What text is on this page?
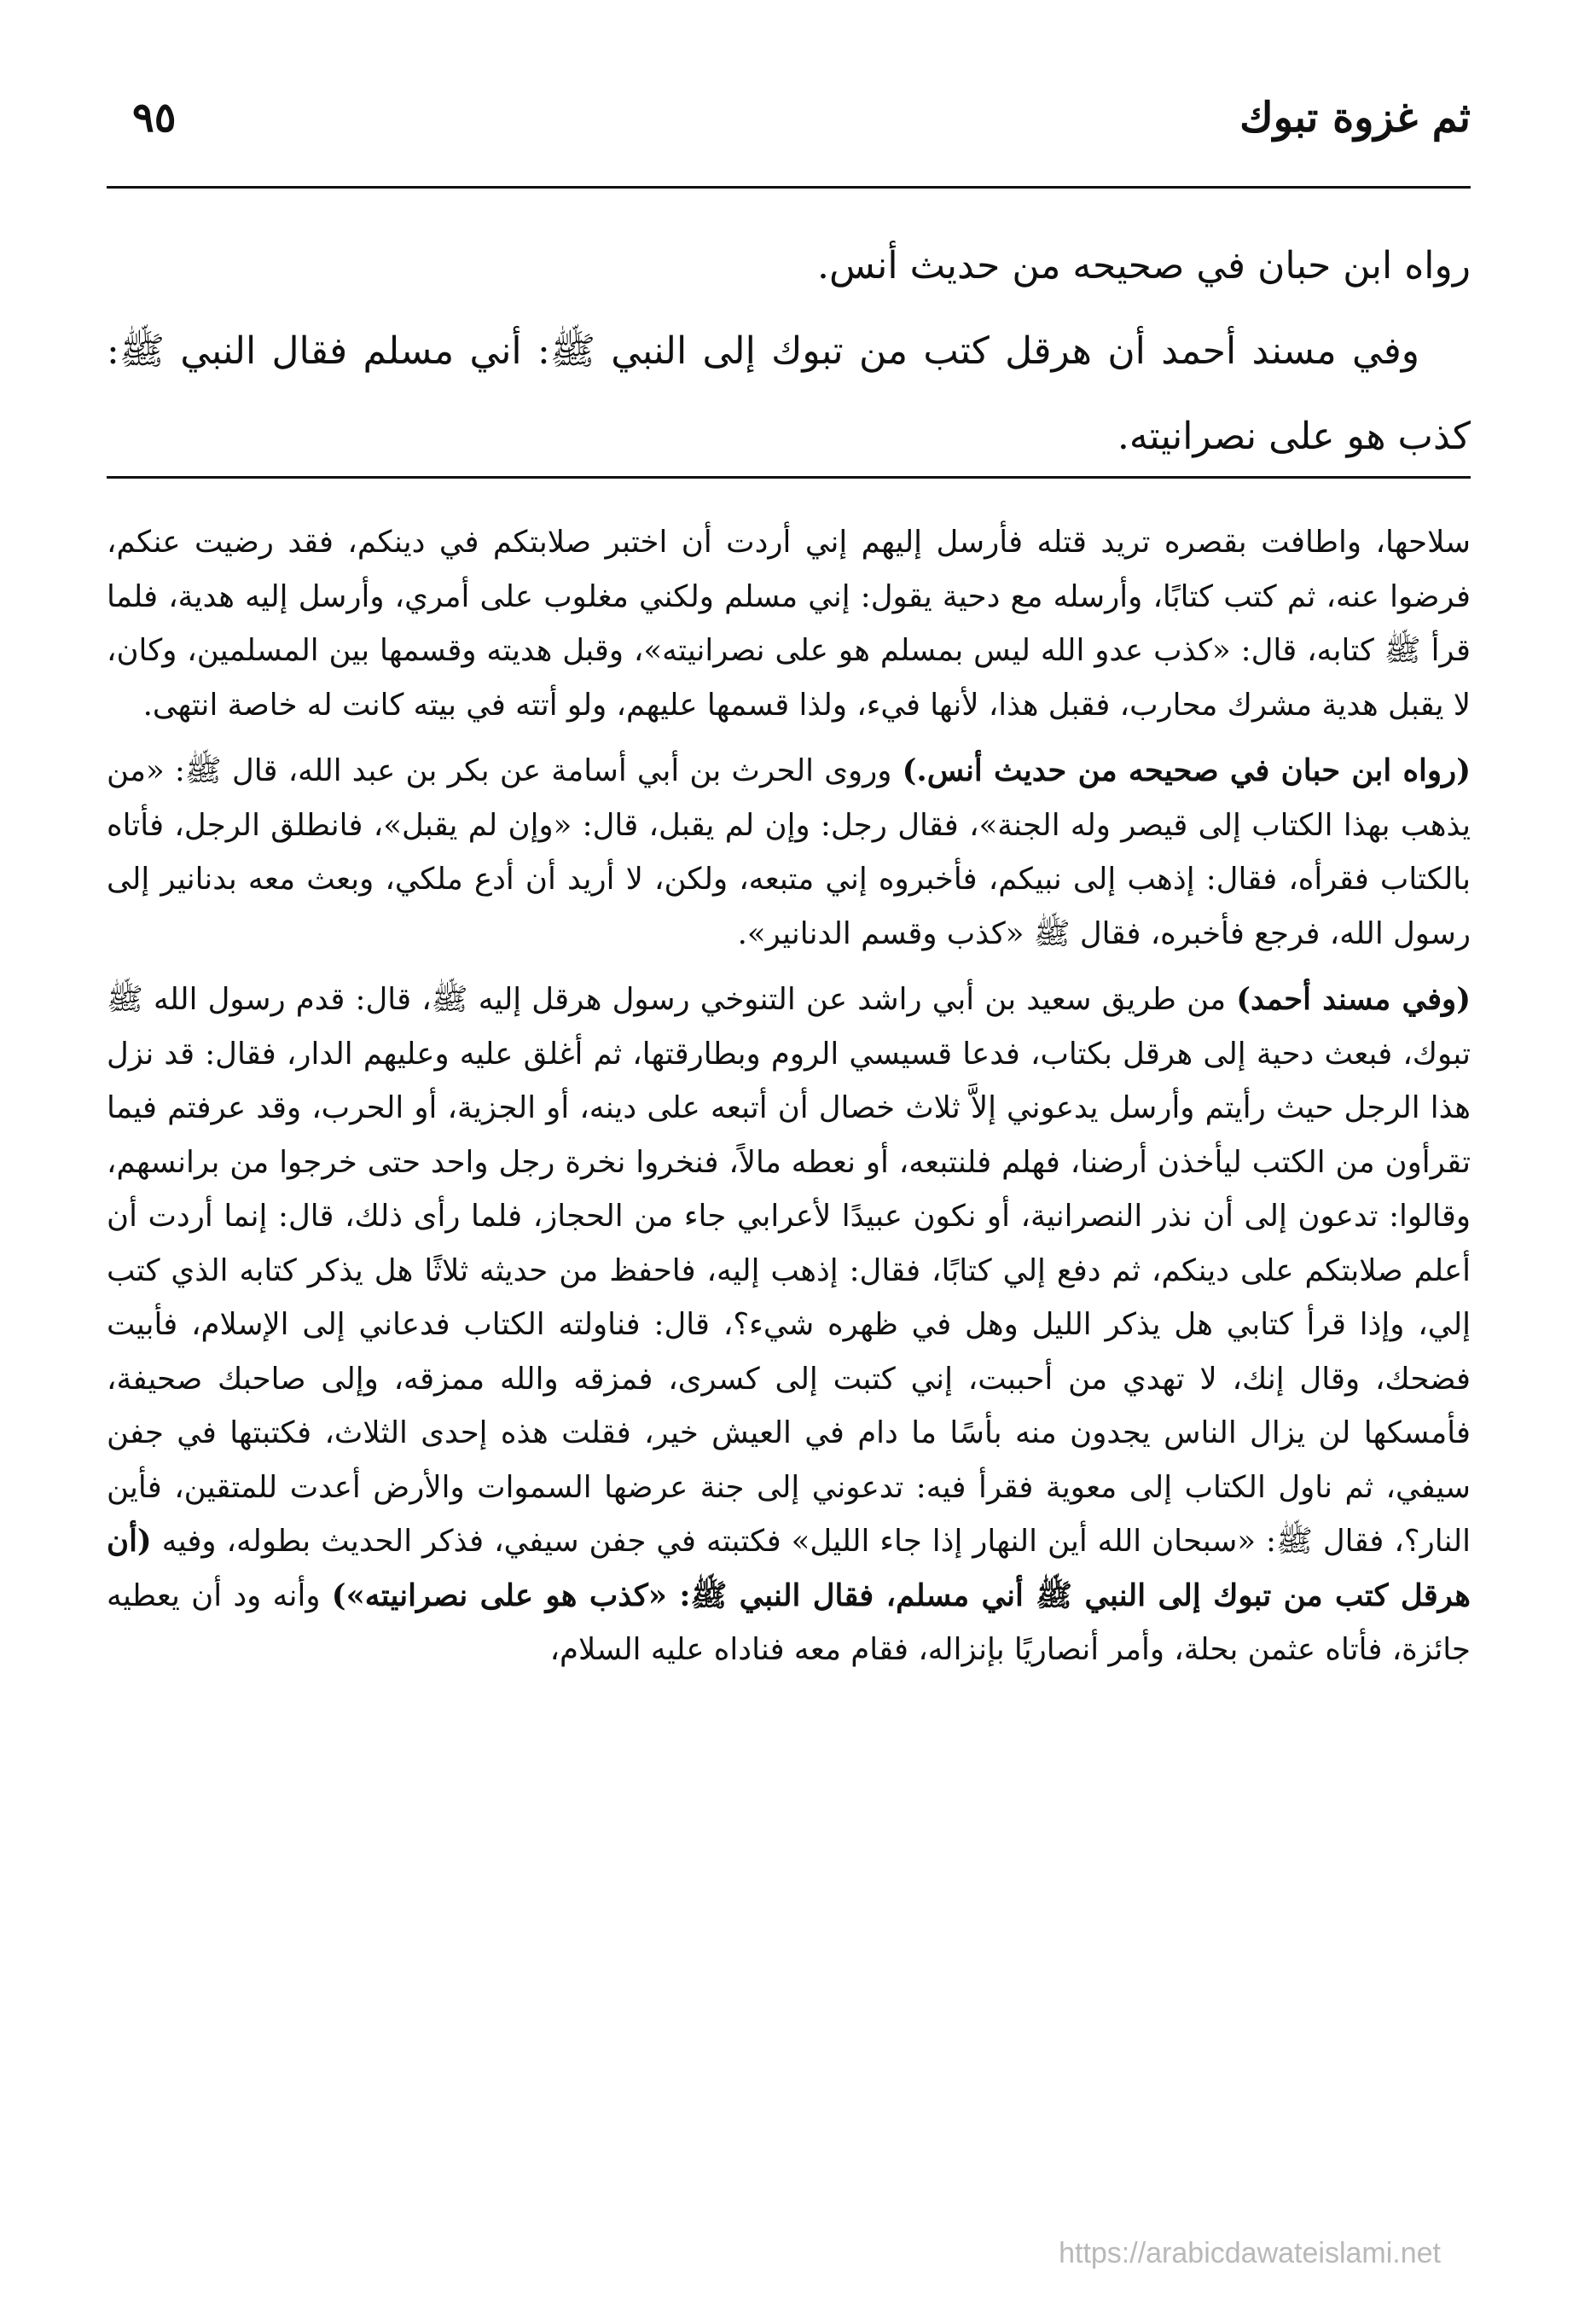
ثم غزوة تبوك
٩٥

رواه ابن حبان في صحيحه من حديث أنس.

وفي مسند أحمد أن هرقل كتب من تبوك إلى النبي ﷺ: أني مسلم فقال النبي ﷺ: كذب هو على نصرانيته.

سلاحها، واطافت بقصره تريد قتله فأرسل إليهم إني أردت أن اختبر صلابتكم في دينكم، فقد رضيت عنكم، فرضوا عنه، ثم كتب كتابًا، وأرسله مع دحية يقول: إني مسلم ولكني مغلوب على أمري، وأرسل إليه هدية، فلما قرأ ﷺ كتابه، قال: «كذب عدو الله ليس بمسلم هو على نصرانيته»، وقبل هديته وقسمها بين المسلمين، وكان، لا يقبل هدية مشرك محارب، فقبل هذا، لأنها فيء، ولذا قسمها عليهم، ولو أتته في بيته كانت له خاصة انتهى.

(رواه ابن حبان في صحيحه من حديث أنس.) وروى الحرث بن أبي أسامة عن بكر بن عبد الله، قال ﷺ: «من يذهب بهذا الكتاب إلى قيصر وله الجنة»، فقال رجل: وإن لم يقبل، قال: «وإن لم يقبل»، فانطلق الرجل، فأتاه بالكتاب فقرأه، فقال: إذهب إلى نبيكم، فأخبروه إني متبعه، ولكن، لا أريد أن أدع ملكي، وبعث معه بدنانير إلى رسول الله، فرجع فأخبره، فقال ﷺ «كذب وقسم الدنانير».

(وفي مسند أحمد) من طريق سعيد بن أبي راشد عن التنوخي رسول هرقل إليه ﷺ، قال: قدم رسول الله ﷺ تبوك، فبعث دحية إلى هرقل بكتاب، فدعا قسيسي الروم وبطارقتها، ثم أغلق عليه وعليهم الدار، فقال: قد نزل هذا الرجل حيث رأيتم وأرسل يدعوني إلاَّ ثلاث خصال أن أتبعه على دينه، أو الجزية، أو الحرب، وقد عرفتم فيما تقرأون من الكتب ليأخذن أرضنا، فهلم فلنتبعه، أو نعطه مالاً، فنخروا نخرة رجل واحد حتى خرجوا من برانسهم، وقالوا: تدعون إلى أن نذر النصرانية، أو نكون عبيدًا لأعرابي جاء من الحجاز، فلما رأى ذلك، قال: إنما أردت أن أعلم صلابتكم على دينكم، ثم دفع إلي كتابًا، فقال: إذهب إليه، فاحفظ من حديثه ثلاثًا هل يذكر كتابه الذي كتب إلي، وإذا قرأ كتابي هل يذكر الليل وهل في ظهره شيء؟، قال: فناولته الكتاب فدعاني إلى الإسلام، فأبيت فضحك، وقال إنك، لا تهدي من أحببت، إني كتبت إلى كسرى، فمزقه والله ممزقه، وإلى صاحبك صحيفة، فأمسكها لن يزال الناس يجدون منه بأسًا ما دام في العيش خير، فقلت هذه إحدى الثلاث، فكتبتها في جفن سيفي، ثم ناول الكتاب إلى معوية فقرأ فيه: تدعوني إلى جنة عرضها السموات والأرض أعدت للمتقين، فأين النار؟، فقال ﷺ: «سبحان الله أين النهار إذا جاء الليل» فكتبته في جفن سيفي، فذكر الحديث بطوله، وفيه (أن هرقل كتب من تبوك إلى النبي ﷺ أني مسلم، فقال النبي ﷺ: «كذب هو على نصرانيته») وأنه ود أن يعطيه جائزة، فأتاه عثمن بحلة، وأمر أنصاريًا بإنزاله، فقام معه فناداه عليه السلام،

https://arabicdawateislami.net
